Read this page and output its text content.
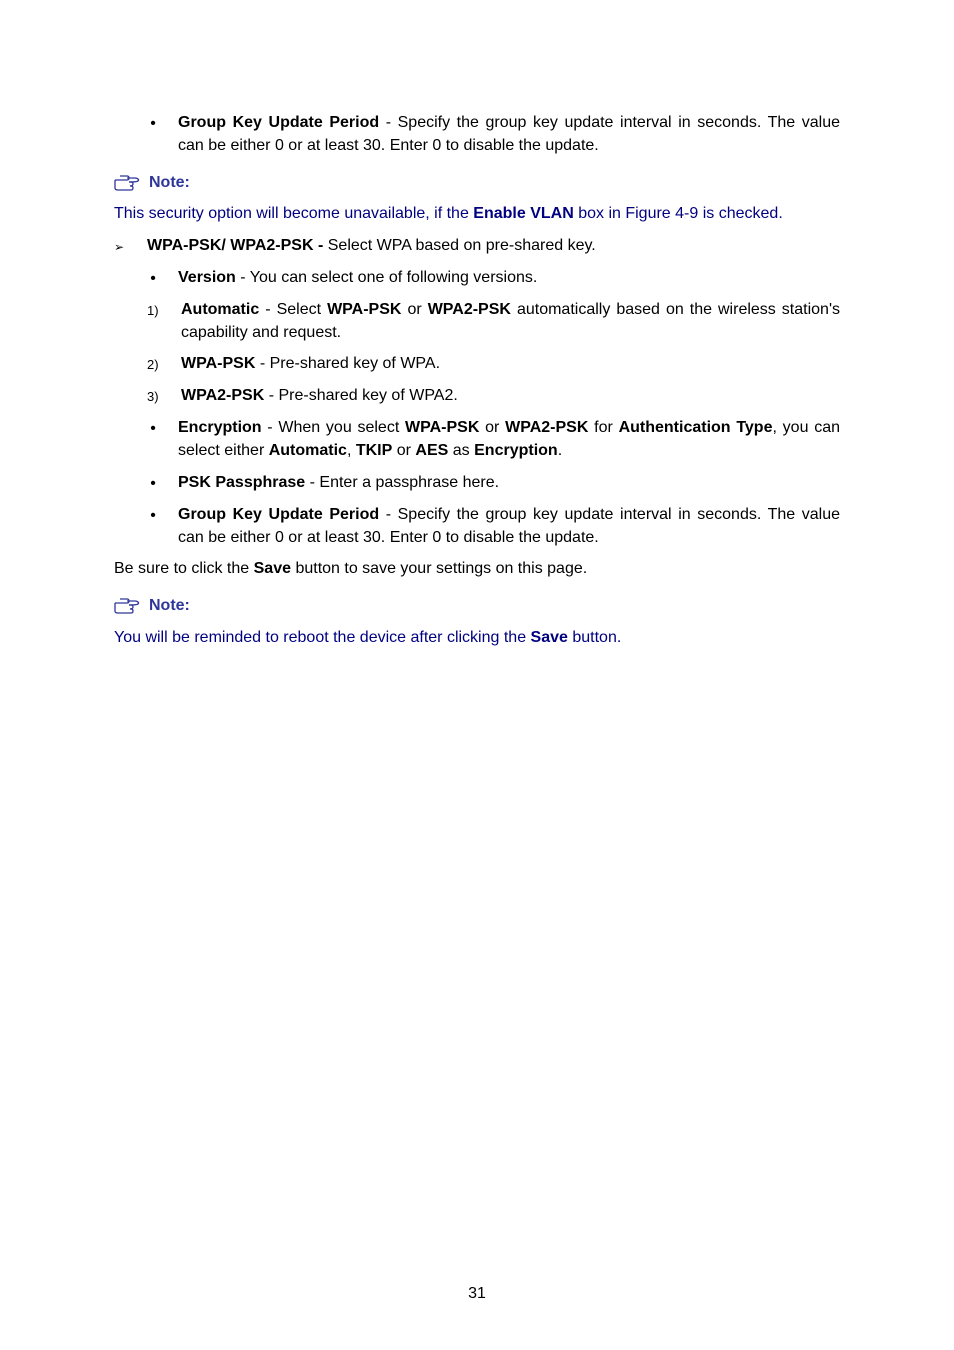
• Group Key Update Period - Specify the group key update interval in seconds. The value can be either 0 or at least 30. Enter 0 to disable the update.
Note:
This security option will become unavailable, if the Enable VLAN box in Figure 4-9 is checked.
➢ WPA-PSK/ WPA2-PSK - Select WPA based on pre-shared key.
• Version - You can select one of following versions.
1) Automatic - Select WPA-PSK or WPA2-PSK automatically based on the wireless station's capability and request.
2) WPA-PSK - Pre-shared key of WPA.
3) WPA2-PSK - Pre-shared key of WPA2.
• Encryption - When you select WPA-PSK or WPA2-PSK for Authentication Type, you can select either Automatic, TKIP or AES as Encryption.
• PSK Passphrase - Enter a passphrase here.
• Group Key Update Period - Specify the group key update interval in seconds. The value can be either 0 or at least 30. Enter 0 to disable the update.
Be sure to click the Save button to save your settings on this page.
Note:
You will be reminded to reboot the device after clicking the Save button.
31
